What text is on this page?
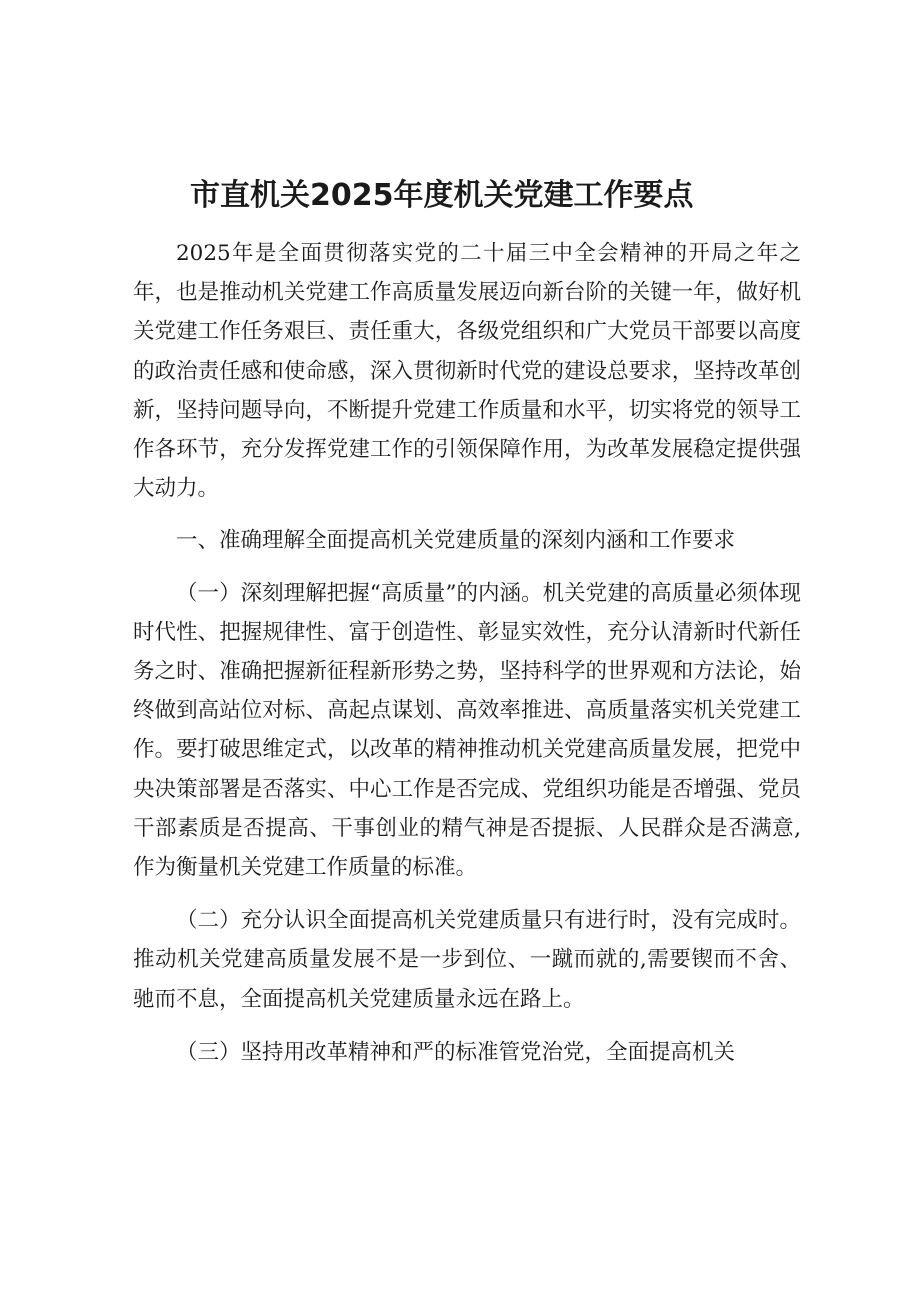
市直机关2025年度机关党建工作要点

2025年是全面贯彻落实党的二十届三中全会精神的开局之年之年，也是推动机关党建工作高质量发展迈向新台阶的关键一年，做好机关党建工作任务艰巨、责任重大，各级党组织和广大党员干部要以高度的政治责任感和使命感，深入贯彻新时代党的建设总要求，坚持改革创新，坚持问题导向，不断提升党建工作质量和水平，切实将党的领导工作各环节，充分发挥党建工作的引领保障作用，为改革发展稳定提供强大动力。

一、准确理解全面提高机关党建质量的深刻内涵和工作要求

（一）深刻理解把握“高质量”的内涵。机关党建的高质量必须体现时代性、把握规律性、富于创造性、彰显实效性，充分认清新时代新任务之时、准确把握新征程新形势之势，坚持科学的世界观和方法论，始终做到高站位对标、高起点谋划、高效率推进、高质量落实机关党建工作。要打破思维定式，以改革的精神推动机关党建高质量发展，把党中央决策部署是否落实、中心工作是否完成、党组织功能是否增强、党员干部素质是否提高、干事创业的精气神是否提振、人民群众是否满意,作为衡量机关党建工作质量的标准。

（二）充分认识全面提高机关党建质量只有进行时，没有完成时。推动机关党建高质量发展不是一步到位、一蹴而就的,需要锲而不舍、驰而不息，全面提高机关党建质量永远在路上。

（三）坚持用改革精神和严的标准管党治党，全面提高机关
